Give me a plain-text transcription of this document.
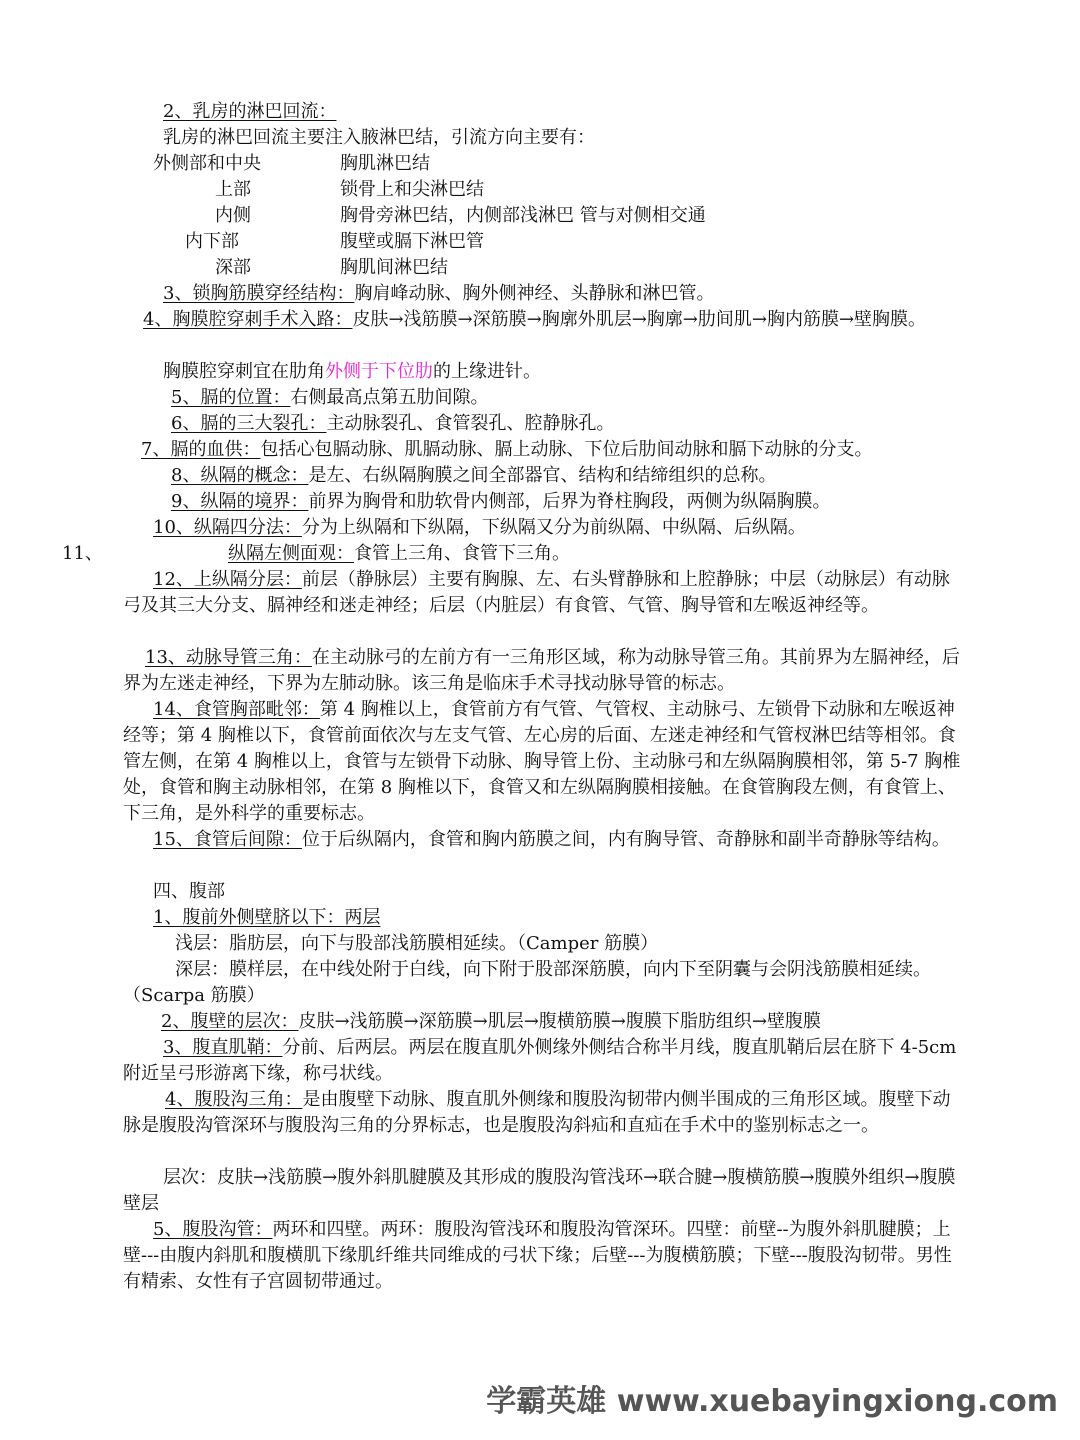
2、乳房的淋巴回流：
乳房的淋巴回流主要注入腋淋巴结，引流方向主要有：
外侧部和中央	胸肌淋巴结
上部	锁骨上和尖淋巴结
内侧	胸骨旁淋巴结，内侧部浅淋巴 管与对侧相交通
内下部	腹壁或膈下淋巴管
深部	胸肌间淋巴结
3、锁胸筋膜穿经结构：胸肩峰动脉、胸外侧神经、头静脉和淋巴管。
4、胸膜腔穿刺手术入路：皮肤→浅筋膜→深筋膜→胸廓外肌层→胸廓→肋间肌→胸内筋膜→壁胸膜。
胸膜腔穿刺宜在肋角外侧于下位肋的上缘进针。
5、膈的位置：右侧最高点第五肋间隙。
6、膈的三大裂孔：主动脉裂孔、食管裂孔、腔静脉孔。
7、膈的血供：包括心包膈动脉、肌膈动脉、膈上动脉、下位后肋间动脉和膈下动脉的分支。
8、纵隔的概念：是左、右纵隔胸膜之间全部器官、结构和结缔组织的总称。
9、纵隔的境界：前界为胸骨和肋软骨内侧部，后界为脊柱胸段，两侧为纵隔胸膜。
10、纵隔四分法：分为上纵隔和下纵隔，下纵隔又分为前纵隔、中纵隔、后纵隔。
11、	纵隔左侧面观：食管上三角、食管下三角。
12、上纵隔分层：前层（静脉层）主要有胸腺、左、右头臂静脉和上腔静脉；中层（动脉层）有动脉弓及其三大分支、膈神经和迷走神经；后层（内脏层）有食管、气管、胸导管和左喉返神经等。
13、动脉导管三角：在主动脉弓的左前方有一三角形区域，称为动脉导管三角。其前界为左膈神经，后界为左迷走神经，下界为左肺动脉。该三角是临床手术寻找动脉导管的标志。
14、食管胸部毗邻：第 4 胸椎以上，食管前方有气管、气管杈、主动脉弓、左锁骨下动脉和左喉返神经等；第 4 胸椎以下，食管前面依次与左支气管、左心房的后面、左迷走神经和气管杈淋巴结等相邻。食管左侧，在第 4 胸椎以上，食管与左锁骨下动脉、胸导管上份、主动脉弓和左纵隔胸膜相邻，第 5-7 胸椎处，食管和胸主动脉相邻，在第 8 胸椎以下，食管又和左纵隔胸膜相接触。在食管胸段左侧，有食管上、下三角，是外科学的重要标志。
15、食管后间隙：位于后纵隔内，食管和胸内筋膜之间，内有胸导管、奇静脉和副半奇静脉等结构。
四、腹部
1、腹前外侧壁脐以下：两层
浅层：脂肪层，向下与股部浅筋膜相延续。（Camper 筋膜）
深层：膜样层，在中线处附于白线，向下附于股部深筋膜，向内下至阴囊与会阴浅筋膜相延续。（Scarpa 筋膜）
2、腹壁的层次：皮肤→浅筋膜→深筋膜→肌层→腹横筋膜→腹膜下脂肪组织→壁腹膜
3、腹直肌鞘：分前、后两层。两层在腹直肌外侧缘外侧结合称半月线，腹直肌鞘后层在脐下 4-5cm 附近呈弓形游离下缘，称弓状线。
4、腹股沟三角：是由腹壁下动脉、腹直肌外侧缘和腹股沟韧带内侧半围成的三角形区域。腹壁下动脉是腹股沟管深环与腹股沟三角的分界标志，也是腹股沟斜疝和直疝在手术中的鉴别标志之一。
层次：皮肤→浅筋膜→腹外斜肌腱膜及其形成的腹股沟管浅环→联合腱→腹横筋膜→腹膜外组织→腹膜壁层
5、腹股沟管：两环和四壁。两环：腹股沟管浅环和腹股沟管深环。四壁：前壁--为腹外斜肌腱膜；上壁---由腹内斜肌和腹横肌下缘肌纤维共同维成的弓状下缘；后壁---为腹横筋膜；下壁---腹股沟韧带。男性有精索、女性有子宫圆韧带通过。
学霸英雄 www.xuebayingxiong.com
